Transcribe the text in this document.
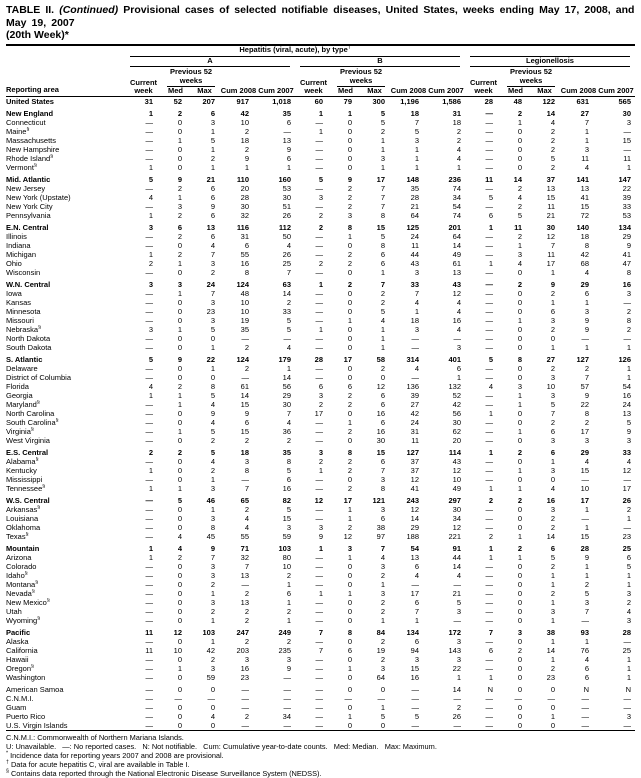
TABLE II. (Continued) Provisional cases of selected notifiable diseases, United States, weeks ending May 17, 2008, and May 19, 2007
(20th Week)*
Reporting area	Hepatitis (viral, acute), by type†

	A					B					Legionellosis				

	Current week	Previous 52 weeks		Cum 2008	Cum 2007	Current week	Previous 52 weeks		Cum 2008	Cum 2007	Current week	Previous 52 weeks		Cum 2008	Cum 2007
		Med	Max				Med	Max				Med	Max		
United States	31	52	207	917	1,018	60	79	300	1,196	1,586	28	48	122	631	565

New England	1	2	6	42	35	1	1	5	18	31	—	2	14	27	30
Connecticut	—	0	3	10	6	—	0	5	7	18	—	1	4	7	3
Maine§	—	0	1	2	—	1	0	2	5	2	—	0	2	1	—
Massachusetts	—	1	5	18	13	—	0	1	3	2	—	0	2	1	15
New Hampshire	—	0	1	2	9	—	0	1	1	4	—	0	2	3	—
Rhode Island§	—	0	2	9	6	—	0	3	1	4	—	0	5	11	11
Vermont§	1	0	1	1	1	—	0	1	1	1	—	0	2	4	1

Mid. Atlantic	5	9	21	110	160	5	9	17	148	236	11	14	37	141	147
New Jersey	—	2	6	20	53	—	2	7	35	74	—	2	13	13	22
New York (Upstate)	4	1	6	28	30	3	2	7	28	34	5	4	15	41	39
New York City	—	3	9	30	51	—	2	7	21	54	—	2	11	15	33
Pennsylvania	1	2	6	32	26	2	3	8	64	74	6	5	21	72	53

E.N. Central	3	6	13	116	112	2	8	15	125	201	1	11	30	140	134
Illinois	—	2	6	31	50	—	1	5	24	64	—	2	12	18	29
Indiana	—	0	4	6	4	—	0	8	11	14	—	1	7	8	9
Michigan	1	2	7	55	26	—	2	6	44	49	—	3	11	42	41
Ohio	2	1	3	16	25	2	2	6	43	61	1	4	17	68	47
Wisconsin	—	0	2	8	7	—	0	1	3	13	—	0	1	4	8

W.N. Central	3	3	24	124	63	1	2	7	33	43	—	2	9	29	16
Iowa	—	1	7	48	14	—	0	2	7	12	—	0	2	6	3
Kansas	—	0	3	10	2	—	0	2	4	4	—	0	1	1	—
Minnesota	—	0	23	10	33	—	0	5	1	4	—	0	6	3	2
Missouri	—	0	3	19	5	—	1	4	18	16	—	1	3	9	8
Nebraska§	3	1	5	35	5	1	0	1	3	4	—	0	2	9	2
North Dakota	—	0	0	—	—	—	0	1	—	—	—	0	0	—	—
South Dakota	—	0	1	2	4	—	0	1	—	3	—	0	1	1	1

S. Atlantic	5	9	22	124	179	28	17	58	314	401	5	8	27	127	126
Delaware	—	0	1	2	1	—	0	2	4	6	—	0	2	2	1
District of Columbia	—	0	0	—	14	—	0	0	—	1	—	0	3	7	1
Florida	4	2	8	61	56	6	6	12	136	132	4	3	10	57	54
Georgia	1	1	5	14	29	3	2	6	39	52	—	1	3	9	16
Maryland§	—	1	4	15	30	2	2	6	27	42	—	1	5	22	24
North Carolina	—	0	9	9	7	17	0	16	42	56	1	0	7	8	13
South Carolina§	—	0	4	6	4	—	1	6	24	30	—	0	2	2	5
Virginia§	—	1	5	15	36	—	2	16	31	62	—	1	6	17	9
West Virginia	—	0	2	2	2	—	0	30	11	20	—	0	3	3	3

E.S. Central	2	2	5	18	35	3	8	15	127	114	1	2	6	29	33
Alabama§	—	0	4	3	8	2	2	6	37	43	—	0	1	4	4
Kentucky	1	0	2	8	5	1	2	7	37	12	—	1	3	15	12
Mississippi	—	0	1	—	6	—	0	3	12	10	—	0	0	—	—
Tennessee§	1	1	3	7	16	—	2	8	41	49	1	1	4	10	17

W.S. Central	—	5	46	65	82	12	17	121	243	297	2	2	16	17	26
Arkansas§	—	0	1	2	5	—	1	3	12	30	—	0	3	1	2
Louisiana	—	0	3	4	15	—	1	6	14	34	—	0	2	—	1
Oklahoma	—	0	8	4	3	3	2	38	29	12	—	0	2	1	—
Texas§	—	4	45	55	59	9	12	97	188	221	2	1	14	15	23

Mountain	1	4	9	71	103	1	3	7	54	91	1	2	6	28	25
Arizona	1	2	7	32	80	—	1	4	13	44	1	1	5	9	6
Colorado	—	0	3	7	10	—	0	3	6	14	—	0	2	1	5
Idaho§	—	0	3	13	2	—	0	2	4	4	—	0	1	1	1
Montana§	—	0	2	—	1	—	0	1	—	—	—	0	1	2	1
Nevada§	—	0	1	2	6	1	1	3	17	21	—	0	2	5	3
New Mexico§	—	0	3	13	1	—	0	2	6	5	—	0	1	3	2
Utah	—	0	2	2	2	—	0	2	7	3	—	0	3	7	4
Wyoming§	—	0	1	2	1	—	0	1	1	—	—	0	1	—	3

Pacific	11	12	103	247	249	7	8	84	134	172	7	3	38	93	28
Alaska	—	0	1	2	2	—	0	2	6	3	—	0	1	1	—
California	11	10	42	203	235	7	6	19	94	143	6	2	14	76	25
Hawaii	—	0	2	3	3	—	0	2	3	3	—	0	1	4	1
Oregon§	—	1	3	16	9	—	1	3	15	22	—	0	2	6	1
Washington	—	0	59	23	—	—	0	64	16	1	1	0	23	6	1

American Samoa	—	0	0	—	—	—	0	0	—	14	N	0	0	N	N
C.N.M.I.	—	—	—	—	—	—	—	—	—	—	—	—	—	—	—
Guam	—	0	0	—	—	—	0	1	—	2	—	0	0	—	—
Puerto Rico	—	0	4	2	34	—	1	5	5	26	—	0	1	—	3
U.S. Virgin Islands	—	0	0	—	—	—	0	0	—	—	—	0	0	—	—
C.N.M.I.: Commonwealth of Northern Mariana Islands.
U: Unavailable.   —: No reported cases.   N: Not notifiable.   Cum: Cumulative year-to-date counts.   Med: Median.   Max: Maximum.
* Incidence data for reporting years 2007 and 2008 are provisional.
† Data for acute hepatitis C, viral are available in Table I.
§ Contains data reported through the National Electronic Disease Surveillance System (NEDSS).
